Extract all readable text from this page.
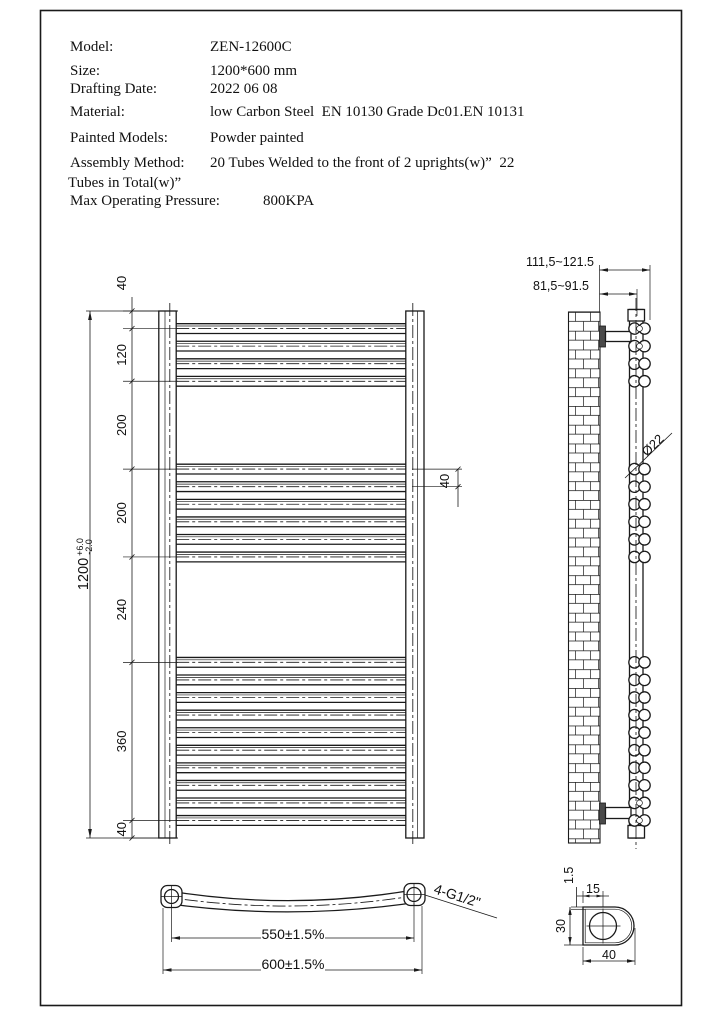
40
120
200
200
240
360
40
1200
+6.0 -2.0
40
111,5~121.5
81,5~91.5
Ø22
4-G1/2"
550±1.5%
600±1.5%
15
1.5
30
40

Model:

	ZEN-12600C

Size:

	1200*600 mm

Drafting Date:

	2022 06 08

Material:

	low Carbon Steel  EN 10130 Grade Dc01.EN 10131

Painted Models:

	Powder painted

Assembly Method:

20 Tubes Welded to the front of 2 uprights(w)”  22

Tubes in Total(w)”

Max Operating Pressure:

	800KPA
